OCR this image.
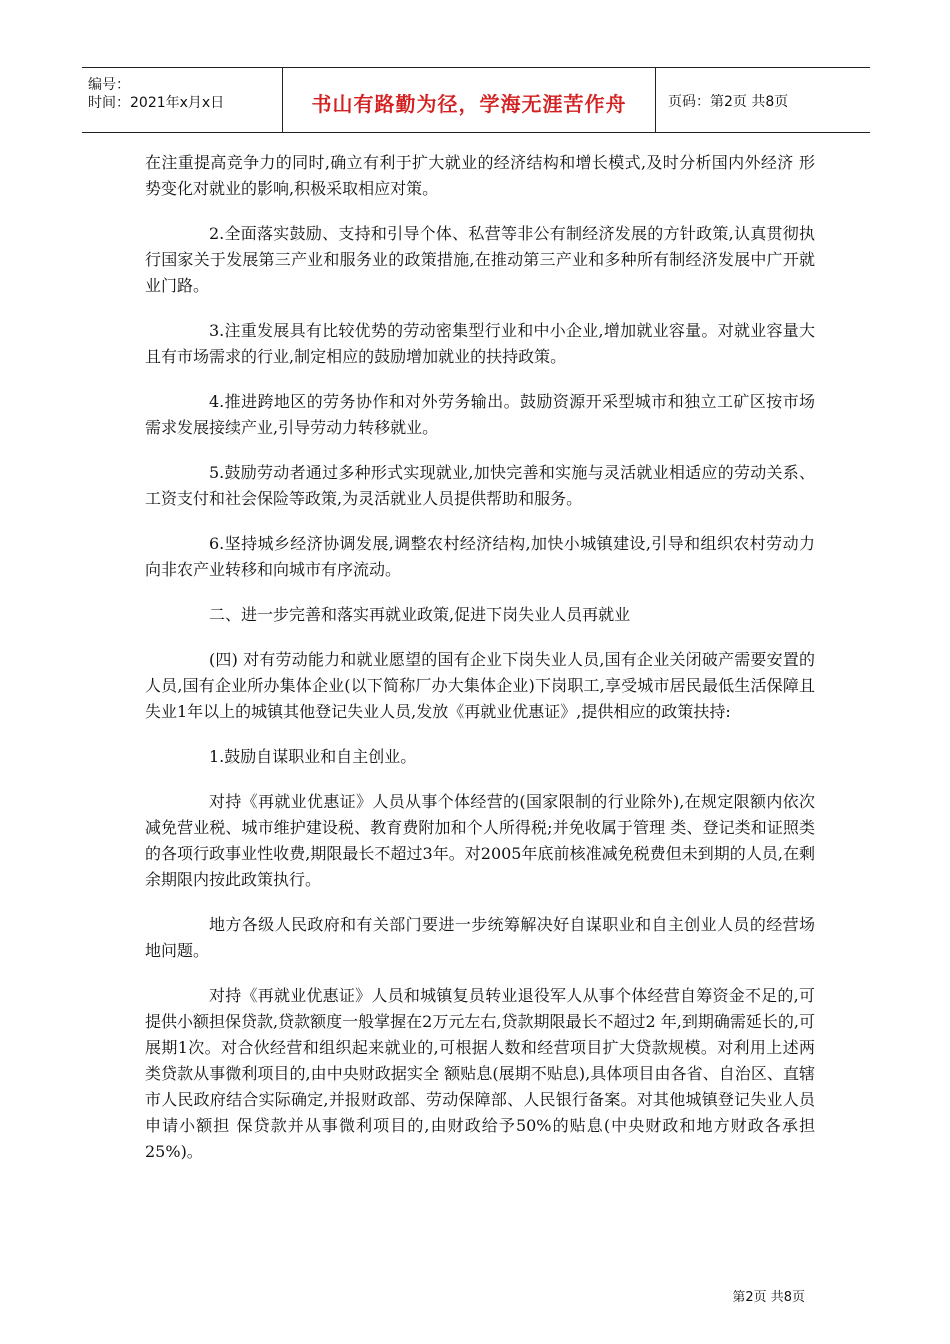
编号：
时间：2021年x月x日	书山有路勤为径，学海无涯苦作舟	页码：第2页 共8页

在注重提高竞争力的同时,确立有利于扩大就业的经济结构和增长模式,及时分析国内外经济 形势变化对就业的影响,积极采取相应对策。

2.全面落实鼓励、支持和引导个体、私营等非公有制经济发展的方针政策,认真贯彻执行国家关于发展第三产业和服务业的政策措施,在推动第三产业和多种所有制经济发展中广开就业门路。

3.注重发展具有比较优势的劳动密集型行业和中小企业,增加就业容量。对就业容量大且有市场需求的行业,制定相应的鼓励增加就业的扶持政策。

4.推进跨地区的劳务协作和对外劳务输出。鼓励资源开采型城市和独立工矿区按市场需求发展接续产业,引导劳动力转移就业。

5.鼓励劳动者通过多种形式实现就业,加快完善和实施与灵活就业相适应的劳动关系、工资支付和社会保险等政策,为灵活就业人员提供帮助和服务。

6.坚持城乡经济协调发展,调整农村经济结构,加快小城镇建设,引导和组织农村劳动力向非农产业转移和向城市有序流动。

二、进一步完善和落实再就业政策,促进下岗失业人员再就业

(四) 对有劳动能力和就业愿望的国有企业下岗失业人员,国有企业关闭破产需要安置的人员,国有企业所办集体企业(以下简称厂办大集体企业)下岗职工,享受城市居民最低生活保障且失业1年以上的城镇其他登记失业人员,发放《再就业优惠证》,提供相应的政策扶持:

1.鼓励自谋职业和自主创业。

对持《再就业优惠证》人员从事个体经营的(国家限制的行业除外),在规定限额内依次减免营业税、城市维护建设税、教育费附加和个人所得税;并免收属于管理 类、登记类和证照类的各项行政事业性收费,期限最长不超过3年。对2005年底前核准减免税费但未到期的人员,在剩余期限内按此政策执行。

地方各级人民政府和有关部门要进一步统筹解决好自谋职业和自主创业人员的经营场地问题。

对持《再就业优惠证》人员和城镇复员转业退役军人从事个体经营自筹资金不足的,可提供小额担保贷款,贷款额度一般掌握在2万元左右,贷款期限最长不超过2 年,到期确需延长的,可展期1次。对合伙经营和组织起来就业的,可根据人数和经营项目扩大贷款规模。对利用上述两类贷款从事微利项目的,由中央财政据实全 额贴息(展期不贴息),具体项目由各省、自治区、直辖市人民政府结合实际确定,并报财政部、劳动保障部、人民银行备案。对其他城镇登记失业人员申请小额担 保贷款并从事微利项目的,由财政给予50%的贴息(中央财政和地方财政各承担25%)。

第2页 共8页
